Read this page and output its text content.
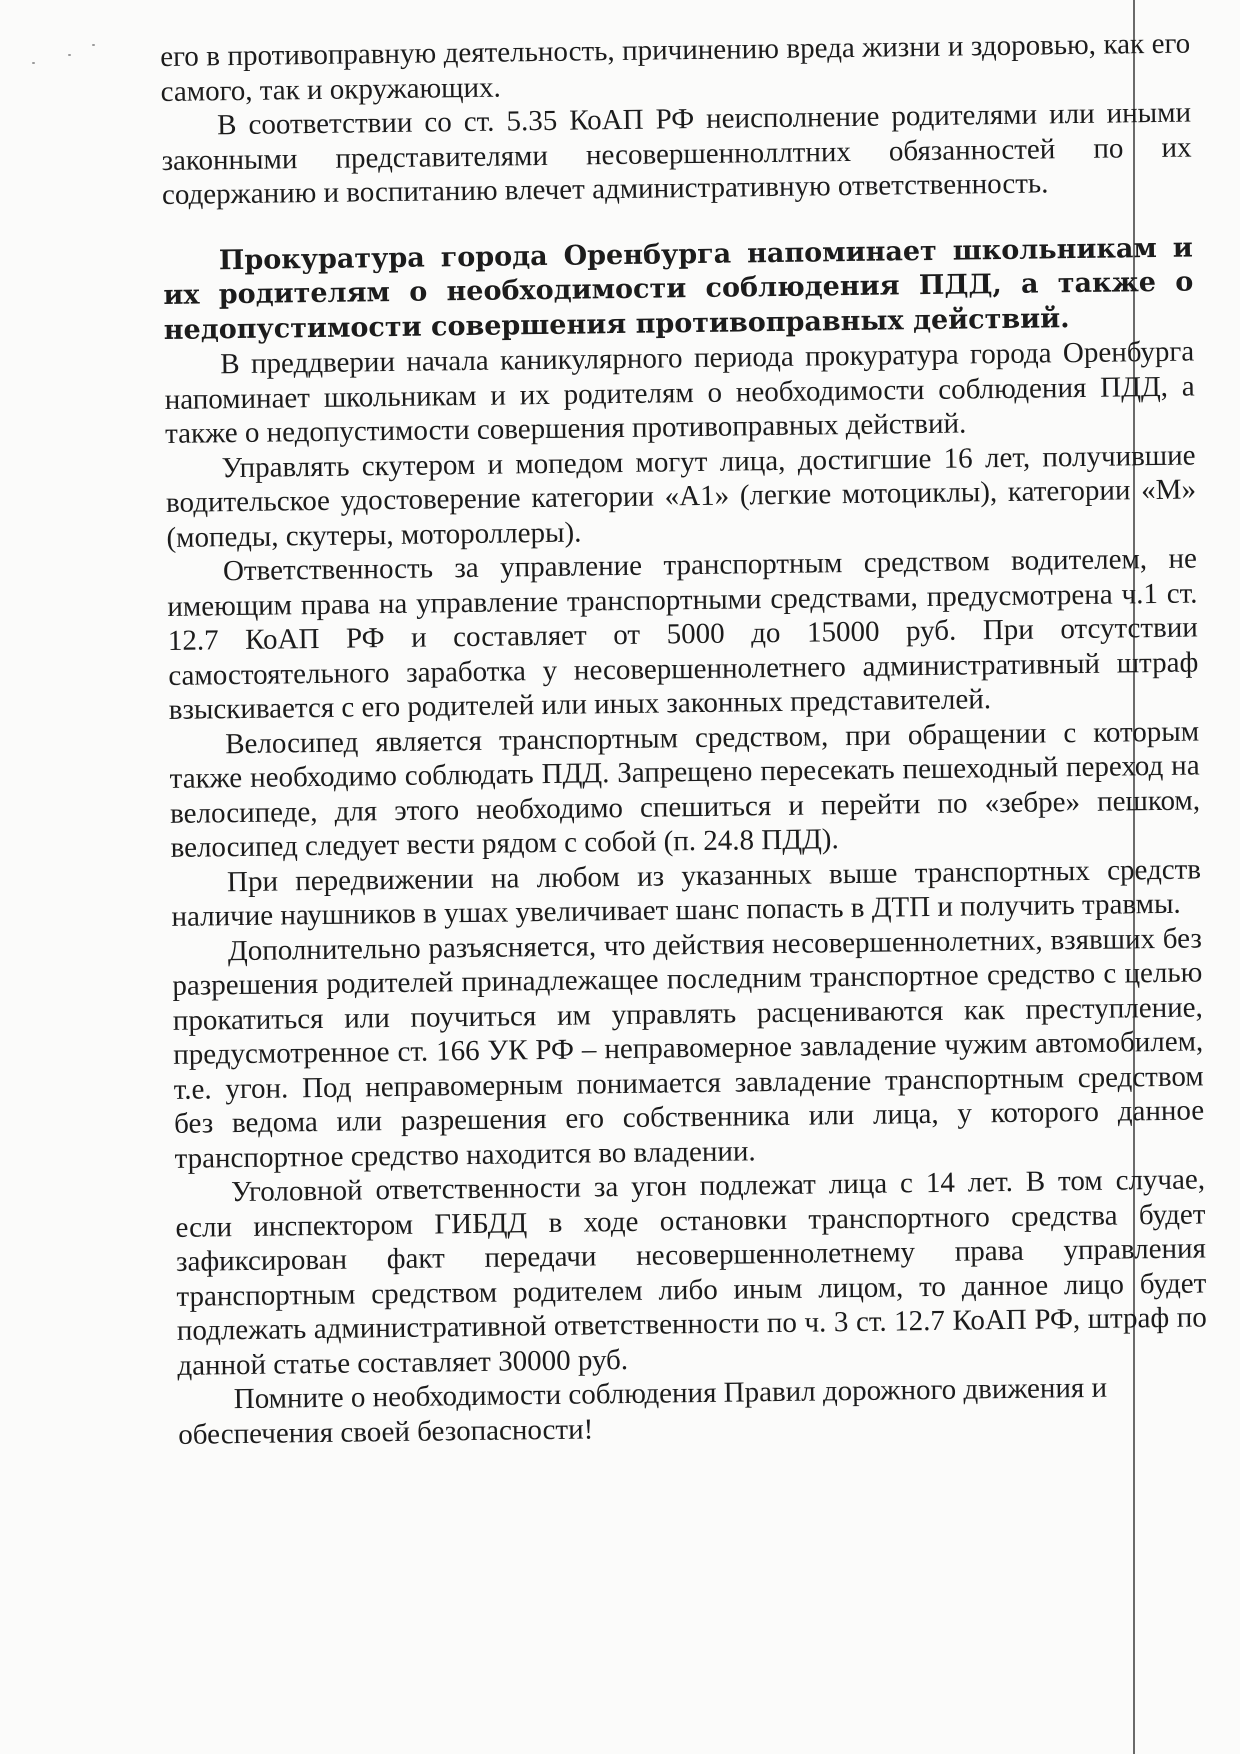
его в противоправную деятельность, причинению вреда жизни и здоровью, как его самого, так и окружающих.

В соответствии со ст. 5.35 КоАП РФ неисполнение родителями или иными законными представителями несовершенноллтних обязанностей по их содержанию и воспитанию влечет административную ответственность.

Прокуратура города Оренбурга напоминает школьникам и их родителям о необходимости соблюдения ПДД, а также о недопустимости совершения противоправных действий.

В преддверии начала каникулярного периода прокуратура города Оренбурга напоминает школьникам и их родителям о необходимости соблюдения ПДД, а также о недопустимости совершения противоправных действий.

Управлять скутером и мопедом могут лица, достигшие 16 лет, получившие водительское удостоверение категории «А1» (легкие мотоциклы), категории «М» (мопеды, скутеры, мотороллеры).

Ответственность за управление транспортным средством водителем, не имеющим права на управление транспортными средствами, предусмотрена ч.1 ст. 12.7 КоАП РФ и составляет от 5000 до 15000 руб. При отсутствии самостоятельного заработка у несовершеннолетнего административный штраф взыскивается с его родителей или иных законных представителей.

Велосипед является транспортным средством, при обращении с которым также необходимо соблюдать ПДД. Запрещено пересекать пешеходный переход на велосипеде, для этого необходимо спешиться и перейти по «зебре» пешком, велосипед следует вести рядом с собой (п. 24.8 ПДД).

При передвижении на любом из указанных выше транспортных средств наличие наушников в ушах увеличивает шанс попасть в ДТП и получить травмы.

Дополнительно разъясняется, что действия несовершеннолетних, взявших без разрешения родителей принадлежащее последним транспортное средство с целью прокатиться или поучиться им управлять расцениваются как преступление, предусмотренное ст. 166 УК РФ – неправомерное завладение чужим автомобилем, т.е. угон. Под неправомерным понимается завладение транспортным средством без ведома или разрешения его собственника или лица, у которого данное транспортное средство находится во владении.

Уголовной ответственности за угон подлежат лица с 14 лет. В том случае, если инспектором ГИБДД в ходе остановки транспортного средства будет зафиксирован факт передачи несовершеннолетнему права управления транспортным средством родителем либо иным лицом, то данное лицо будет подлежать административной ответственности по ч. 3 ст. 12.7 КоАП РФ, штраф по данной статье составляет 30000 руб.

Помните о необходимости соблюдения Правил дорожного движения и обеспечения своей безопасности!
